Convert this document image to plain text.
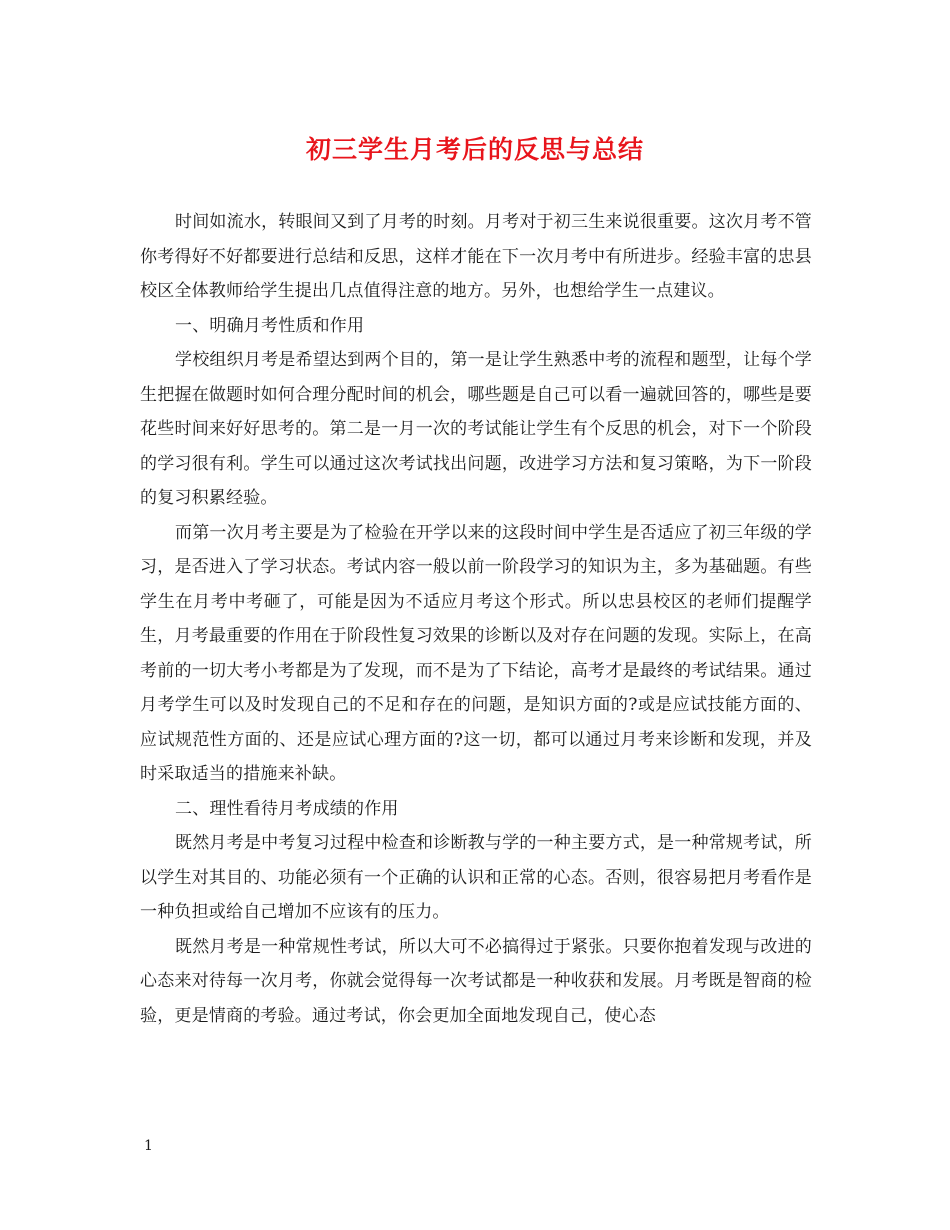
初三学生月考后的反思与总结

时间如流水，转眼间又到了月考的时刻。月考对于初三生来说很重要。这次月考不管你考得好不好都要进行总结和反思，这样才能在下一次月考中有所进步。经验丰富的忠县校区全体教师给学生提出几点值得注意的地方。另外，也想给学生一点建议。

一、明确月考性质和作用

学校组织月考是希望达到两个目的，第一是让学生熟悉中考的流程和题型，让每个学生把握在做题时如何合理分配时间的机会，哪些题是自己可以看一遍就回答的，哪些是要花些时间来好好思考的。第二是一月一次的考试能让学生有个反思的机会，对下一个阶段的学习很有利。学生可以通过这次考试找出问题，改进学习方法和复习策略，为下一阶段的复习积累经验。

而第一次月考主要是为了检验在开学以来的这段时间中学生是否适应了初三年级的学习，是否进入了学习状态。考试内容一般以前一阶段学习的知识为主，多为基础题。有些学生在月考中考砸了，可能是因为不适应月考这个形式。所以忠县校区的老师们提醒学生，月考最重要的作用在于阶段性复习效果的诊断以及对存在问题的发现。实际上，在高考前的一切大考小考都是为了发现，而不是为了下结论，高考才是最终的考试结果。通过月考学生可以及时发现自己的不足和存在的问题，是知识方面的?或是应试技能方面的、应试规范性方面的、还是应试心理方面的?这一切，都可以通过月考来诊断和发现，并及时采取适当的措施来补缺。

二、理性看待月考成绩的作用

既然月考是中考复习过程中检查和诊断教与学的一种主要方式，是一种常规考试，所以学生对其目的、功能必须有一个正确的认识和正常的心态。否则，很容易把月考看作是一种负担或给自己增加不应该有的压力。

既然月考是一种常规性考试，所以大可不必搞得过于紧张。只要你抱着发现与改进的心态来对待每一次月考，你就会觉得每一次考试都是一种收获和发展。月考既是智商的检验，更是情商的考验。通过考试，你会更加全面地发现自己，使心态

1
